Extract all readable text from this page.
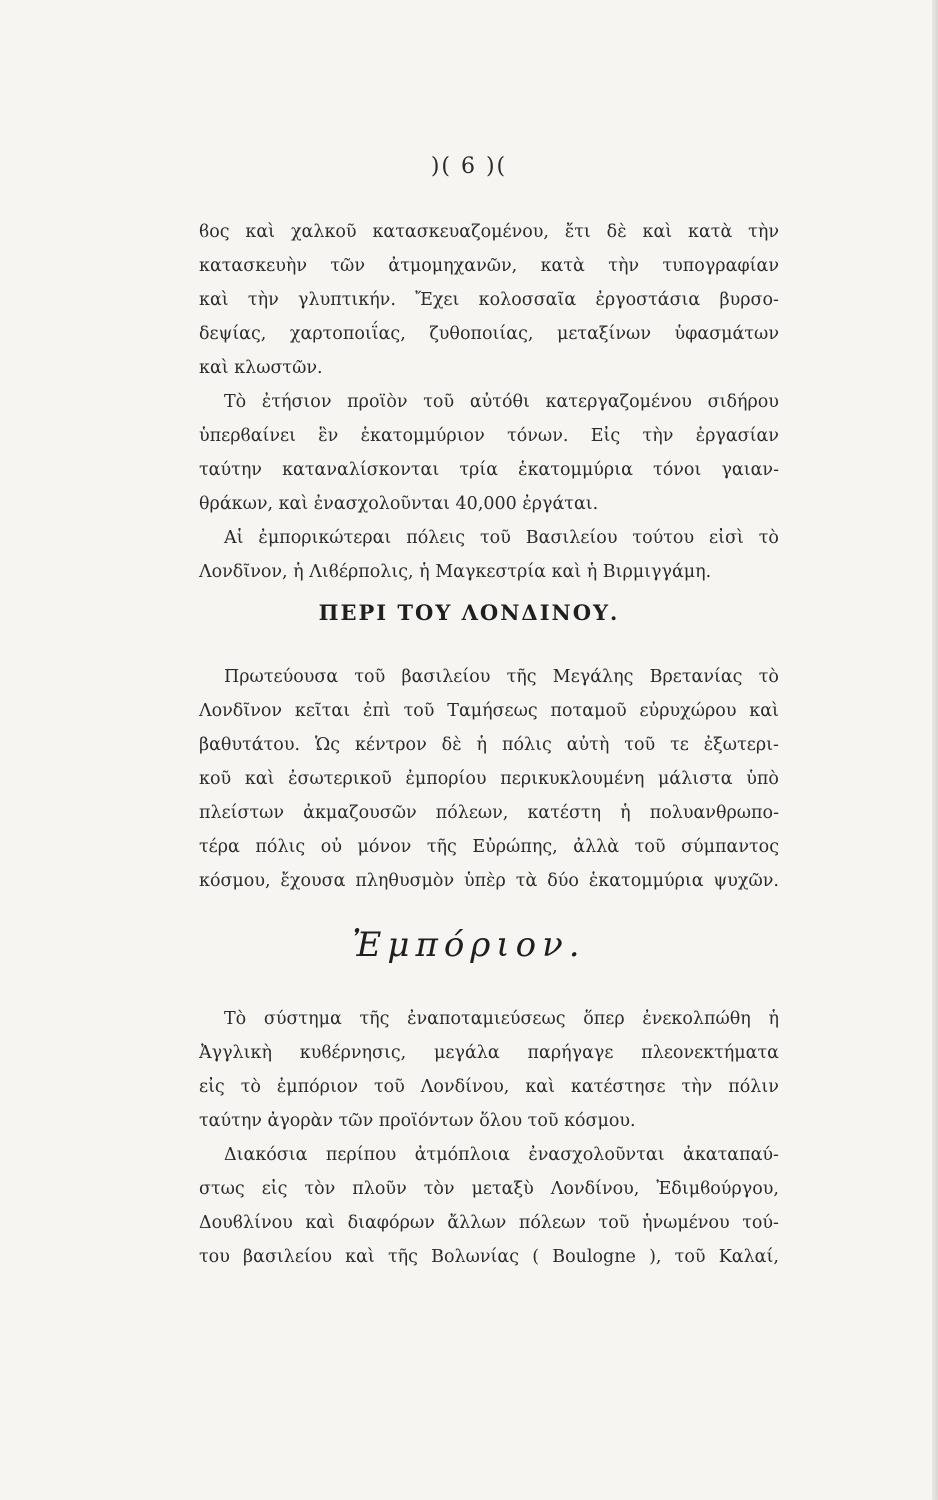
)( 6 )(
ϐος καὶ χαλκοῦ κατασκευαζομένου, ἔτι δὲ καὶ κατὰ τὴν
κατασκευὴν τῶν ἀτμομηχανῶν, κατὰ τὴν τυπογραφίαν
καὶ τὴν γλυπτικήν. Ἔχει κολοσσαῖα ἐργοστάσια βυρσο-
δεψίας, χαρτοποιΐας, ζυθοποιίας, μεταξίνων ὑφασμάτων
καὶ κλωστῶν.
Τὸ ἐτήσιον προϊὸν τοῦ αὐτόθι κατεργαζομένου σιδήρου
ὑπερϐαίνει ἓν ἑκατομμύριον τόνων. Εἰς τὴν ἐργασίαν
ταύτην καταναλίσκονται τρία ἑκατομμύρια τόνοι γαιαν-
θράκων, καὶ ἐνασχολοῦνται 40,000 ἐργάται.
Αἱ ἐμπορικώτεραι πόλεις τοῦ Βασιλείου τούτου εἰσὶ τὸ
Λονδῖνον, ἡ Λιϐέρπολις, ἡ Μαγκεστρία καὶ ἡ Βιρμιγγάμη.
ΠΕΡΙ ΤΟΥ ΛΟΝΔΙΝΟΥ.
Πρωτεύουσα τοῦ βασιλείου τῆς Μεγάλης Βρετανίας τὸ
Λονδῖνον κεῖται ἐπὶ τοῦ Ταμήσεως ποταμοῦ εὐρυχώρου καὶ
βαθυτάτου. Ὡς κέντρον δὲ ἡ πόλις αὐτὴ τοῦ τε ἐξωτερι-
κοῦ καὶ ἐσωτερικοῦ ἐμπορίου περικυκλουμένη μάλιστα ὑπὸ
πλείστων ἀκμαζουσῶν πόλεων, κατέστη ἡ πολυανθρωπο-
τέρα πόλις οὐ μόνον τῆς Εὐρώπης, ἀλλὰ τοῦ σύμπαντος
κόσμου, ἔχουσα πληθυσμὸν ὑπὲρ τὰ δύο ἑκατομμύρια ψυχῶν.
Ἐμπόριον.
Τὸ σύστημα τῆς ἐναποταμιεύσεως ὅπερ ἐνεκολπώθη ἡ
Ἀγγλικὴ κυϐέρνησις, μεγάλα παρήγαγε πλεονεκτήματα
εἰς τὸ ἐμπόριον τοῦ Λονδίνου, καὶ κατέστησε τὴν πόλιν
ταύτην ἀγορὰν τῶν προϊόντων ὅλου τοῦ κόσμου.
Διακόσια περίπου ἀτμόπλοια ἐνασχολοῦνται ἀκαταπαύ-
στως εἰς τὸν πλοῦν τὸν μεταξὺ Λονδίνου, Ἐδιμϐούργου,
Δουϐλίνου καὶ διαφόρων ἄλλων πόλεων τοῦ ἡνωμένου τού-
του βασιλείου καὶ τῆς Βολωνίας ( Boulogne ), τοῦ Καλαί,
